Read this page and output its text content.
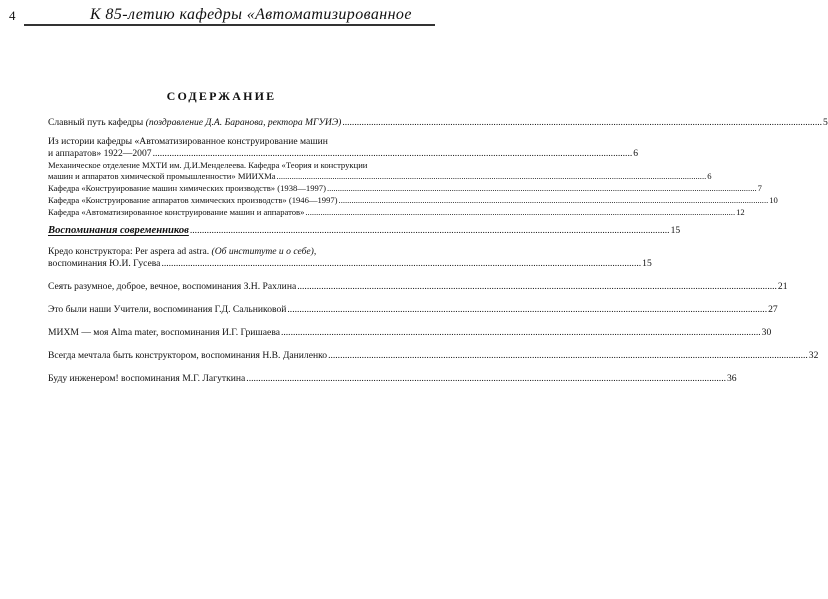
4	К 85-летию кафедры «Автоматизированное
СОДЕРЖАНИЕ
Славный путь кафедры (поздравление Д.А. Баранова, ректора МГУИЭ) .....	5
Из истории кафедры «Автоматизированное конструирование машин
и аппаратов» 1922—2007 .....	6
Механическое отделение МХТИ им. Д.И.Менделеева. Кафедра «Теория и конструкции
машин и аппаратов химической промышленности» МИИХМа .....	6
Кафедра «Конструирование машин химических производств» (1938—1997) .....	7
Кафедра «Конструирование аппаратов химических производств» (1946—1997) .....	10
Кафедра «Автоматизированное конструирование машин и аппаратов» .....	12
Воспоминания современников .....	15
Кредо конструктора: Per aspera ad astra. (Об институте и о себе),
воспоминания Ю.И. Гусева .....	15
Сеять разумное, доброе, вечное, воспоминания З.Н. Рахлина .....	21
Это были наши Учители, воспоминания Г.Д. Сальниковой .....	27
МИХМ — моя Alma mater, воспоминания И.Г. Гришаева .....	30
Всегда мечтала быть конструктором, воспоминания Н.В. Даниленко .....	32
Буду инженером! воспоминания М.Г. Лагуткина .....	36
